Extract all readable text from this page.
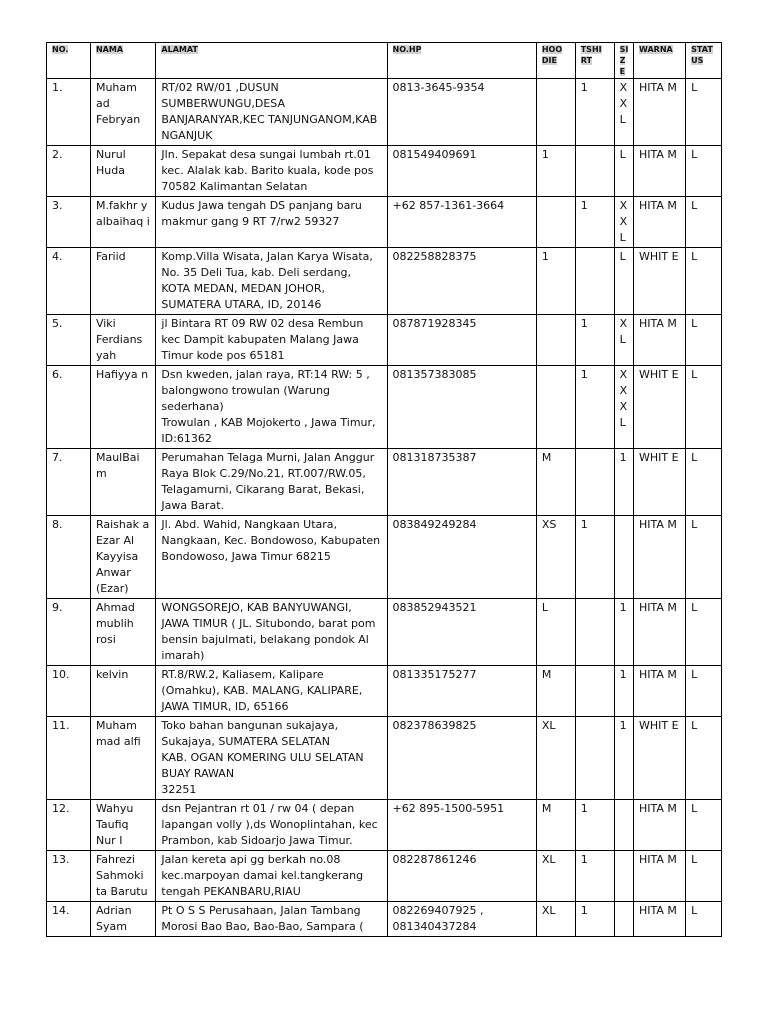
NO.	NAMA	ALAMAT	NO.HP	HOO DIE	TSHI RT	SIZ E	WARNA	STAT US
1.	Muham ad Febryan	RT/02 RW/01 ,DUSUN SUMBERWUNGU,DESA BANJARANYAR,KEC TANJUNGANOM,KAB NGANJUK	0813-3645-9354		1	X X L	HITA M	L
2.	Nurul Huda	Jln. Sepakat desa sungai lumbah rt.01 kec. Alalak kab. Barito kuala, kode pos 70582 Kalimantan Selatan	081549409691	1		L	HITA M	L
3.	M.fakhr y albaihaq i	Kudus Jawa tengah DS panjang baru makmur gang 9 RT 7/rw2 59327	+62 857-1361-3664		1	X X L	HITA M	L
4.	Fariid	Komp.Villa Wisata, Jalan Karya Wisata, No. 35 Deli Tua, kab. Deli serdang, KOTA MEDAN, MEDAN JOHOR, SUMATERA UTARA, ID, 20146	082258828375	1		L	WHIT E	L
5.	Viki Ferdians yah	jl Bintara RT 09 RW 02 desa Rembun kec Dampit kabupaten Malang Jawa Timur kode pos 65181	087871928345		1	X L	HITA M	L
6.	Hafiyya n	Dsn kweden, jalan raya, RT:14 RW: 5 , balongwono trowulan (Warung sederhana)
Trowulan , KAB Mojokerto , Jawa Timur, ID:61362	081357383085		1	X X X L	WHIT E	L
7.	MaulBai m	Perumahan Telaga Murni, Jalan Anggur Raya Blok C.29/No.21, RT.007/RW.05, Telagamurni, Cikarang Barat, Bekasi, Jawa Barat.	081318735387	M		1	WHIT E	L
8.	Raishak a Ezar Al Kayyisa Anwar (Ezar)	Jl. Abd. Wahid, Nangkaan Utara, Nangkaan, Kec. Bondowoso, Kabupaten Bondowoso, Jawa Timur 68215	083849249284	XS	1		HITA M	L
9.	Ahmad mublih rosi	WONGSOREJO, KAB BANYUWANGI, JAWA TIMUR ( JL. Situbondo, barat pom bensin bajulmati, belakang pondok Al imarah)	083852943521	L		1	HITA M	L
10.	kelvin	RT.8/RW.2, Kaliasem, Kalipare (Omahku), KAB. MALANG, KALIPARE, JAWA TIMUR, ID, 65166	081335175277	M		1	HITA M	L
11.	Muham mad alfi	Toko bahan bangunan sukajaya, Sukajaya, SUMATERA SELATAN
KAB. OGAN KOMERING ULU SELATAN BUAY RAWAN
32251	082378639825	XL		1	WHIT E	L
12.	Wahyu Taufiq Nur I	dsn Pejantran rt 01 / rw 04 ( depan lapangan volly ),ds Wonoplintahan, kec Prambon, kab Sidoarjo Jawa Timur.	+62 895-1500-5951	M	1		HITA M	L
13.	Fahrezi Sahmoki ta Barutu	Jalan kereta api gg berkah no.08 kec.marpoyan damai kel.tangkerang tengah PEKANBARU,RIAU	082287861246	XL	1		HITA M	L
14.	Adrian Syam	Pt O S S Perusahaan, Jalan Tambang Morosi Bao Bao, Bao-Bao, Sampara (	082269407925 , 081340437284	XL	1		HITA M	L
